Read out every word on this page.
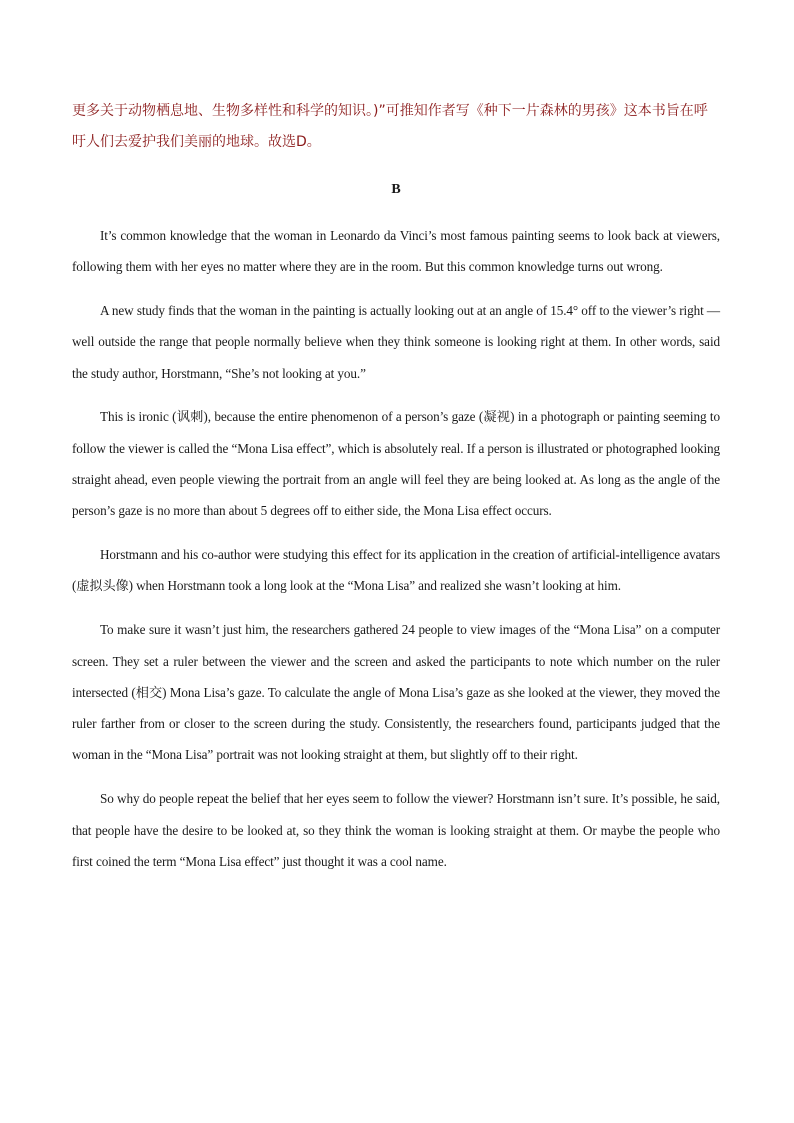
更多关于动物栖息地、生物多样性和科学的知识。)”可推知作者写《种下一片森林的男孩》这本书旨在呼吁人们去爱护我们美丽的地球。故选D。

B

It’s common knowledge that the woman in Leonardo da Vinci’s most famous painting seems to look back at viewers, following them with her eyes no matter where they are in the room. But this common knowledge turns out wrong.

A new study finds that the woman in the painting is actually looking out at an angle of 15.4° off to the viewer’s right — well outside the range that people normally believe when they think someone is looking right at them. In other words, said the study author, Horstmann, “She’s not looking at you.”

This is ironic (讽刺), because the entire phenomenon of a person’s gaze (凝视) in a photograph or painting seeming to follow the viewer is called the “Mona Lisa effect”, which is absolutely real. If a person is illustrated or photographed looking straight ahead, even people viewing the portrait from an angle will feel they are being looked at. As long as the angle of the person’s gaze is no more than about 5 degrees off to either side, the Mona Lisa effect occurs.

Horstmann and his co-author were studying this effect for its application in the creation of artificial-intelligence avatars (虚拟头像) when Horstmann took a long look at the “Mona Lisa” and realized she wasn’t looking at him.

To make sure it wasn’t just him, the researchers gathered 24 people to view images of the “Mona Lisa” on a computer screen. They set a ruler between the viewer and the screen and asked the participants to note which number on the ruler intersected (相交) Mona Lisa’s gaze. To calculate the angle of Mona Lisa’s gaze as she looked at the viewer, they moved the ruler farther from or closer to the screen during the study. Consistently, the researchers found, participants judged that the woman in the “Mona Lisa” portrait was not looking straight at them, but slightly off to their right.

So why do people repeat the belief that her eyes seem to follow the viewer? Horstmann isn’t sure. It’s possible, he said, that people have the desire to be looked at, so they think the woman is looking straight at them. Or maybe the people who first coined the term “Mona Lisa effect” just thought it was a cool name.
